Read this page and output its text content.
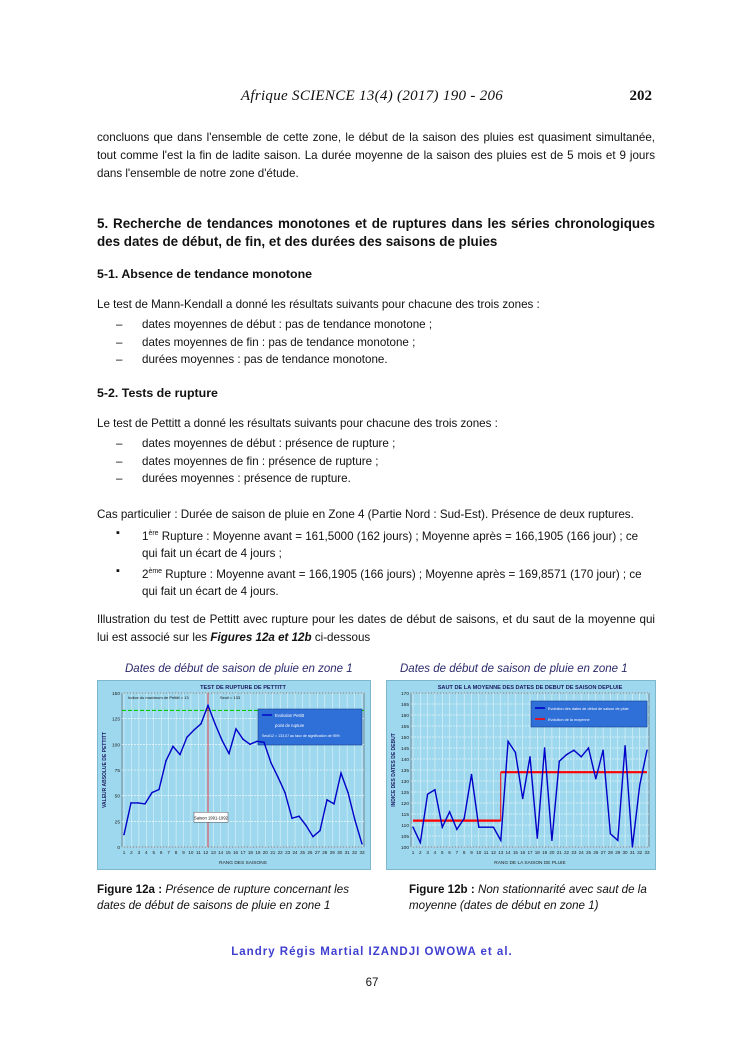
Afrique SCIENCE 13(4) (2017) 190 - 206	202
concluons que dans l'ensemble de cette zone, le début de la saison des pluies est quasiment simultanée, tout comme l'est la fin de ladite saison. La durée moyenne de la saison des pluies est de 5 mois et 9 jours dans l'ensemble de notre zone d'étude.
5. Recherche de tendances monotones et de ruptures dans les séries chronologiques des dates de début, de fin, et des durées des saisons de pluies
5-1. Absence de tendance monotone
Le test de Mann-Kendall a donné les résultats suivants pour chacune des trois zones :
– dates moyennes de début : pas de tendance monotone ;
– dates moyennes de fin : pas de tendance monotone ;
– durées moyennes : pas de tendance monotone.
5-2. Tests de rupture
Le test de Pettitt a donné les résultats suivants pour chacune des trois zones :
– dates moyennes de début : présence de rupture ;
– dates moyennes de fin : présence de rupture ;
– durées moyennes : présence de rupture.
Cas particulier : Durée de saison de pluie en Zone 4 (Partie Nord : Sud-Est). Présence de deux ruptures.
▪ 1ère Rupture : Moyenne avant = 161,5000 (162 jours) ; Moyenne après = 166,1905 (166 jour) ; ce qui fait un écart de 4 jours ;
▪ 2ème Rupture : Moyenne avant = 166,1905 (166 jours) ; Moyenne après = 169,8571 (170 jour) ; ce qui fait un écart de 4 jours.
Illustration du test de Pettitt avec rupture pour les dates de début de saisons, et du saut de la moyenne qui lui est associé sur les Figures 12a et 12b ci-dessous
Dates de début de saison de pluie en zone 1
0
25
50
75
100
125
150
1 2 3 4 5 6 7 8 9 10 11 12 13 14 15 16 17 18 19 20 21 22 23 24 25 26 27 28 29 30 31 32 33
TEST DE RUPTURE DE PETTITT
RANG DES SAISONS
VALEUR ABSOLUE DE PETTITT
Indice du maximum de Pettitt = 13	Seuil = 133
Evolution Pettitt
point de rupture
Seuil12 = 133,07 au taux de signification de 95%
Saison 1991-1992
Dates de début de saison de pluie en zone 1
100
105
110
115
120
125
130
135
140
145
150
155
160
165
170
1 2 3 4 5 6 7 8 9 10 11 12 13 14 15 16 17 18 19 20 21 22 23 24 25 26 27 28 29 30 31 32 33
SAUT DE LA MOYENNE DES DATES DE DEBUT DE SAISON DEPLUIE
RANG DE LA SAISON DE PLUIE
INDICE DES DATES DE DEBUT
Evolution des dates de début de saison de pluie
Evolution de la moyenne
Figure 12a : Présence de rupture concernant les dates de début de saisons de pluie en zone 1
Figure 12b : Non stationnarité avec saut de la moyenne (dates de début en zone 1)
Landry Régis Martial IZANDJI OWOWA et al.
67
